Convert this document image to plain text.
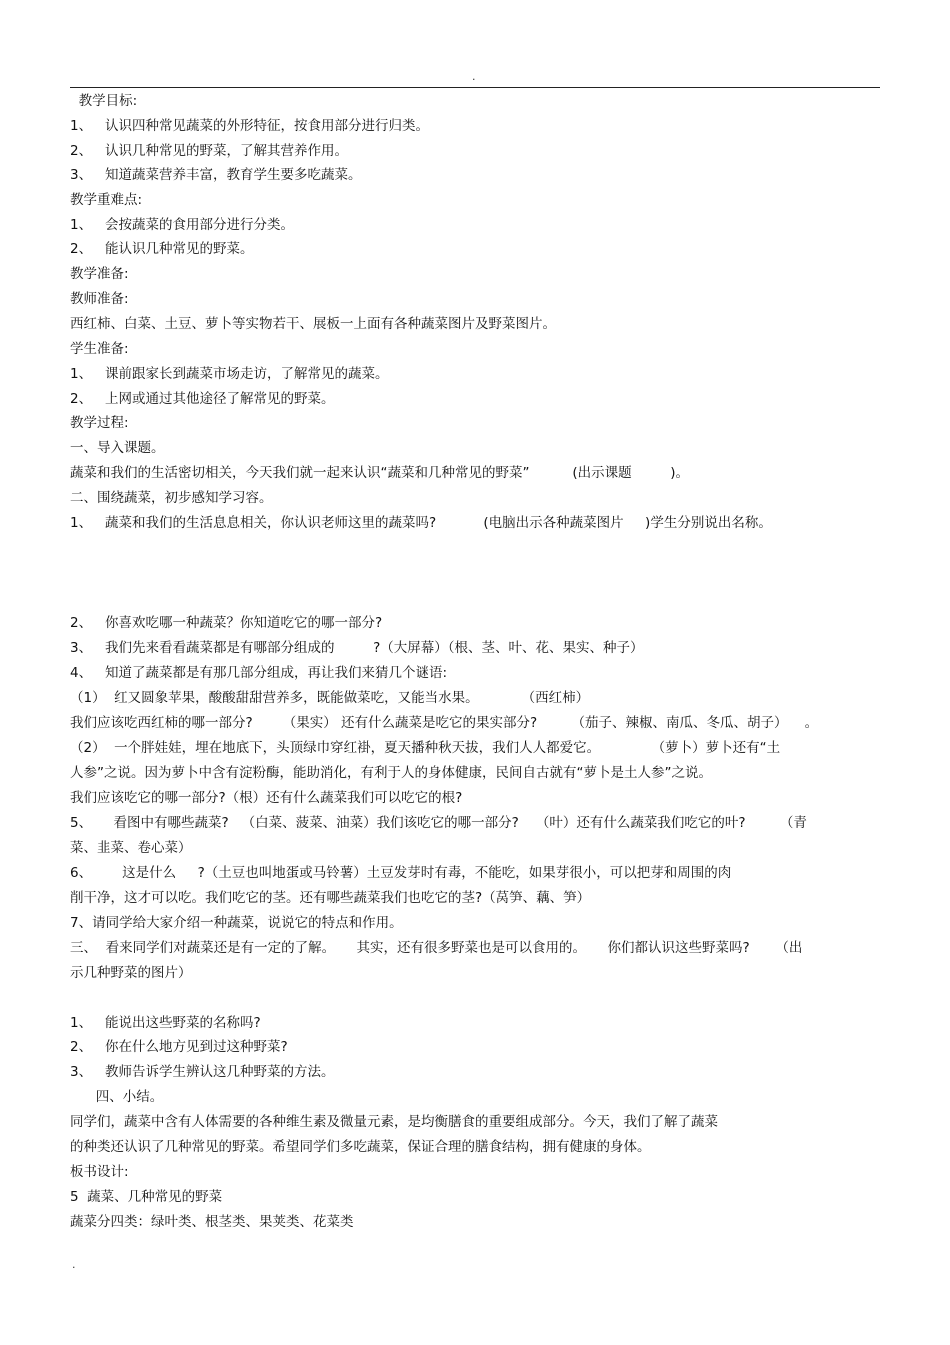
.
教学目标:
1、   认识四种常见蔬菜的外形特征，按食用部分进行归类。
2、   认识几种常见的野菜，了解其营养作用。
3、   知道蔬菜营养丰富，教育学生要多吃蔬菜。
教学重难点:
1、   会按蔬菜的食用部分进行分类。
2、   能认识几种常见的野菜。
教学准备:
教师准备:
西红柿、白菜、土豆、萝卜等实物若干、展板一上面有各种蔬菜图片及野菜图片。
学生准备:
1、   课前跟家长到蔬菜市场走访，了解常见的蔬菜。
2、   上网或通过其他途径了解常见的野菜。
教学过程:
一、导入课题。
蔬菜和我们的生活密切相关，今天我们就一起来认识“蔬菜和几种常见的野菜”          (出示课题         )。
二、围绕蔬菜，初步感知学习容。
1、   蔬菜和我们的生活息息相关，你认识老师这里的蔬菜吗?           (电脑出示各种蔬菜图片     )学生分别说出名称。
2、   你喜欢吃哪一种蔬菜？你知道吃它的哪一部分?
3、   我们先来看看蔬菜都是有哪部分组成的         ?（大屏幕）（根、茎、叶、花、果实、种子）
4、   知道了蔬菜都是有那几部分组成，再让我们来猜几个谜语:
（1）  红又圆象苹果，酸酸甜甜营养多，既能做菜吃，又能当水果。          （西红柿）
我们应该吃西红柿的哪一部分?       （果实） 还有什么蔬菜是吃它的果实部分?        （茄子、辣椒、南瓜、冬瓜、胡子）    。
（2）  一个胖娃娃，埋在地底下，头顶绿巾穿红褂，夏天播种秋天拔，我们人人都爱它。            （萝卜）萝卜还有“土
人参”之说。因为萝卜中含有淀粉酶，能助消化，有利于人的身体健康，民间自古就有“萝卜是土人参”之说。
我们应该吃它的哪一部分?（根）还有什么蔬菜我们可以吃它的根?
5、     看图中有哪些蔬菜?   （白菜、菠菜、油菜）我们该吃它的哪一部分?    （叶）还有什么蔬菜我们吃它的叶?        （青
菜、韭菜、卷心菜）
6、       这是什么     ?（土豆也叫地蛋或马铃薯）土豆发芽时有毒，不能吃，如果芽很小，可以把芽和周围的肉
削干净，这才可以吃。我们吃它的茎。还有哪些蔬菜我们也吃它的茎?（莴笋、藕、笋）
7、请同学给大家介绍一种蔬菜，说说它的特点和作用。
三、  看来同学们对蔬菜还是有一定的了解。     其实，还有很多野菜也是可以食用的。     你们都认识这些野菜吗?      （出
示几种野菜的图片）
1、   能说出这些野菜的名称吗?
2、   你在什么地方见到过这种野菜?
3、   教师告诉学生辨认这几种野菜的方法。
四、小结。
同学们，蔬菜中含有人体需要的各种维生素及微量元素，是均衡膳食的重要组成部分。今天，我们了解了蔬菜
的种类还认识了几种常见的野菜。希望同学们多吃蔬菜，保证合理的膳食结构，拥有健康的身体。
板书设计:
5  蔬菜、几种常见的野菜
蔬菜分四类：绿叶类、根茎类、果荚类、花菜类
.
